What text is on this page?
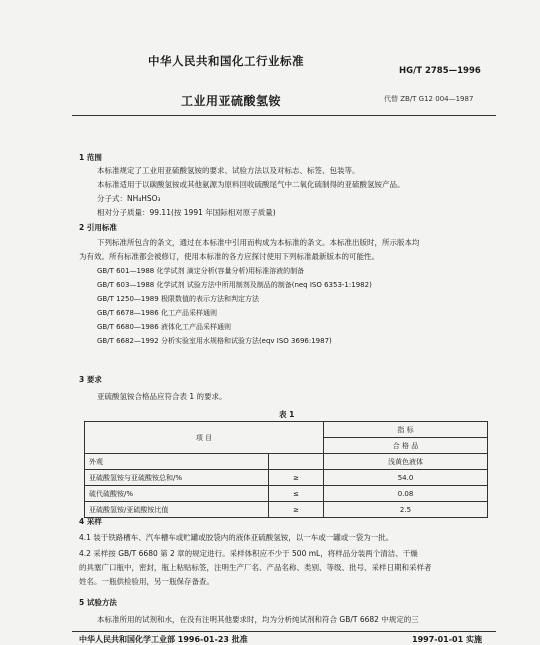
中华人民共和国化工行业标准
HG/T 2785—1996
工业用亚硫酸氢铵	代替 ZB/T G12 004—1987
1 范围
本标准规定了工业用亚硫酸氢铵的要求、试验方法以及对标志、标签、包装等。
本标准适用于以碳酸氢铵或其他氨源为原料回收硫酸尾气中二氧化硫制得的亚硫酸氢铵产品。
分子式：NH₄HSO₃
相对分子质量：99.11(按 1991 年国际相对原子质量)
2 引用标准
下列标准所包含的条文，通过在本标准中引用而构成为本标准的条文。本标准出版时，所示版本均
为有效。所有标准都会被修订，使用本标准的各方应探讨使用下列标准最新版本的可能性。
GB/T 601—1988 化学试剂 滴定分析(容量分析)用标准溶液的制备
GB/T 603—1988 化学试剂 试验方法中所用制剂及制品的制备(neq ISO 6353-1:1982)
GB/T 1250—1989 极限数值的表示方法和判定方法
GB/T 6678—1986 化工产品采样通则
GB/T 6680—1986 液体化工产品采样通则
GB/T 6682—1992 分析实验室用水规格和试验方法(eqv ISO 3696:1987)
3 要求
亚硫酸氢铵合格品应符合表 1 的要求。
表 1
项 目		指 标
		合 格 品
外观		浅黄色液体
亚硫酸氢铵与亚硫酸铵总和/%	≥	54.0
硫代硫酸铵/%	≤	0.08
亚硫酸氢铵/亚硫酸铵比值	≥	2.5
4 采样
4.1 装于铁路槽车、汽车槽车或贮罐或胶袋内的液体亚硫酸氢铵，以一车或一罐或一袋为一批。
4.2 采样按 GB/T 6680 第 2 章的规定进行。采样体积应不少于 500 mL，将样品分装两个清洁、干燥
的具塞广口瓶中，密封，瓶上粘贴标签，注明生产厂名、产品名称、类别、等级、批号、采样日期和采样者
姓名。一瓶供检验用，另一瓶保存备查。
5 试验方法
本标准所用的试剂和水，在没有注明其他要求时，均为分析纯试剂和符合 GB/T 6682 中规定的三
中华人民共和国化学工业部 1996-01-23 批准	1997-01-01 实施
